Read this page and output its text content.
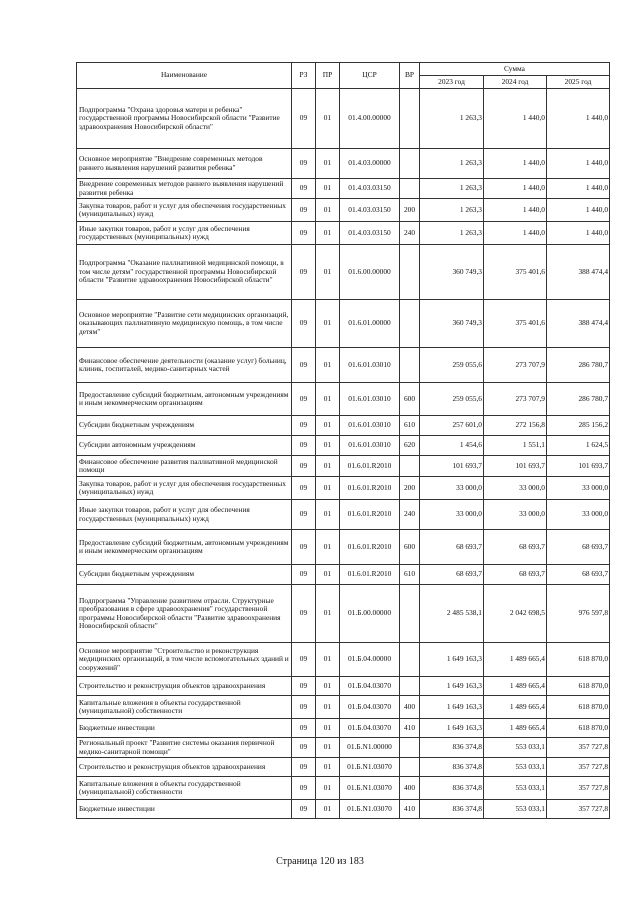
Наименование	РЗ	ПР	ЦСР	ВР	Сумма		
					2023 год	2024 год	2025 год
Подпрограмма "Охрана здоровья матери и ребенка" государственной программы Новосибирской области "Развитие здравоохранения Новосибирской области"	09	01	01.4.00.00000		1 263,3	1 440,0	1 440,0
Основное мероприятие "Внедрение современных методов раннего выявления нарушений развития ребенка"	09	01	01.4.03.00000		1 263,3	1 440,0	1 440,0
Внедрение современных методов раннего выявления нарушений развития ребенка	09	01	01.4.03.03150		1 263,3	1 440,0	1 440,0
Закупка товаров, работ и услуг для обеспечения государственных (муниципальных) нужд	09	01	01.4.03.03150	200	1 263,3	1 440,0	1 440,0
Иные закупки товаров, работ и услуг для обеспечения государственных (муниципальных) нужд	09	01	01.4.03.03150	240	1 263,3	1 440,0	1 440,0
Подпрограмма "Оказание паллиативной медицинской помощи, в том числе детям" государственной программы Новосибирской области "Развитие здравоохранения Новосибирской области"	09	01	01.6.00.00000		360 749,3	375 401,6	388 474,4
Основное мероприятие "Развитие сети медицинских организаций, оказывающих паллиативную медицинскую помощь, в том числе детям"	09	01	01.6.01.00000		360 749,3	375 401,6	388 474,4
Финансовое обеспечение деятельности (оказание услуг) больниц, клиник, госпиталей, медико-санитарных частей	09	01	01.6.01.03010		259 055,6	273 707,9	286 780,7
Предоставление субсидий бюджетным, автономным учреждениям и иным некоммерческим организациям	09	01	01.6.01.03010	600	259 055,6	273 707,9	286 780,7
Субсидии бюджетным учреждениям	09	01	01.6.01.03010	610	257 601,0	272 156,8	285 156,2
Субсидии автономным учреждениям	09	01	01.6.01.03010	620	1 454,6	1 551,1	1 624,5
Финансовое обеспечение развития паллиативной медицинской помощи	09	01	01.6.01.R2010		101 693,7	101 693,7	101 693,7
Закупка товаров, работ и услуг для обеспечения государственных (муниципальных) нужд	09	01	01.6.01.R2010	200	33 000,0	33 000,0	33 000,0
Иные закупки товаров, работ и услуг для обеспечения государственных (муниципальных) нужд	09	01	01.6.01.R2010	240	33 000,0	33 000,0	33 000,0
Предоставление субсидий бюджетным, автономным учреждениям и иным некоммерческим организациям	09	01	01.6.01.R2010	600	68 693,7	68 693,7	68 693,7
Субсидии бюджетным учреждениям	09	01	01.6.01.R2010	610	68 693,7	68 693,7	68 693,7
Подпрограмма "Управление развитием отрасли. Структурные преобразования в сфере здравоохранения" государственной программы Новосибирской области "Развитие здравоохранения Новосибирской области"	09	01	01.Б.00.00000		2 485 538,1	2 042 698,5	976 597,8
Основное мероприятие "Строительство и реконструкция медицинских организаций, в том числе вспомогательных зданий и сооружений"	09	01	01.Б.04.00000		1 649 163,3	1 489 665,4	618 870,0
Строительство и реконструкция объектов здравоохранения	09	01	01.Б.04.03070		1 649 163,3	1 489 665,4	618 870,0
Капитальные вложения в объекты государственной (муниципальной) собственности	09	01	01.Б.04.03070	400	1 649 163,3	1 489 665,4	618 870,0
Бюджетные инвестиции	09	01	01.Б.04.03070	410	1 649 163,3	1 489 665,4	618 870,0
Региональный проект "Развитие системы оказания первичной медико-санитарной помощи"	09	01	01.Б.N1.00000		836 374,8	553 033,1	357 727,8
Строительство и реконструкция объектов здравоохранения	09	01	01.Б.N1.03070		836 374,8	553 033,1	357 727,8
Капитальные вложения в объекты государственной (муниципальной) собственности	09	01	01.Б.N1.03070	400	836 374,8	553 033,1	357 727,8
Бюджетные инвестиции	09	01	01.Б.N1.03070	410	836 374,8	553 033,1	357 727,8
Страница 120 из 183
